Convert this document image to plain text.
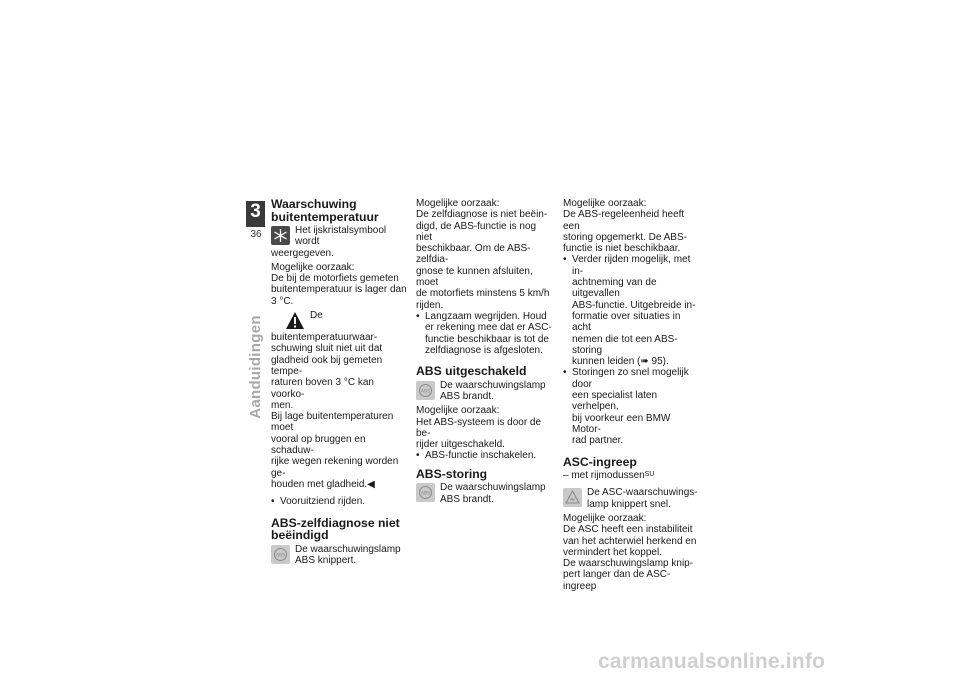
3
36
Aanduidingen
Waarschuwing
buitentemperatuur

Het ijskristalsymbool wordt

weergegeven.

Mogelijke oorzaak:

De bij de motorfiets gemeten

buitentemperatuur is lager dan

3 °C.

De buitentemperatuurwaar-

schuwing sluit niet uit dat

gladheid ook bij gemeten tempe-

raturen boven 3 °C kan voorko-

men.

Bij lage buitentemperaturen moet

vooral op bruggen en schaduw-

rijke wegen rekening worden ge-

houden met gladheid.◀

• Vooruitziend rijden.

ABS-zelfdiagnose niet
beëindigd
ABS

De waarschuwingslamp

ABS knippert.

Mogelijke oorzaak:

De zelfdiagnose is niet beëin-

digd, de ABS-functie is nog niet

beschikbaar. Om de ABS-zelfdia-

gnose te kunnen afsluiten, moet

de motorfiets minstens 5 km/h

rijden.

• Langzaam wegrijden. Houd

er rekening mee dat er ASC-

functie beschikbaar is tot de

zelfdiagnose is afgesloten.

ABS uitgeschakeld
ABS

De waarschuwingslamp

ABS brandt.

Mogelijke oorzaak:

Het ABS-systeem is door de be-

rijder uitgeschakeld.

• ABS-functie inschakelen.

ABS-storing
ABS

De waarschuwingslamp

ABS brandt.

Mogelijke oorzaak:

De ABS-regeleenheid heeft een

storing opgemerkt. De ABS-

functie is niet beschikbaar.

• Verder rijden mogelijk, met in-

achtneming van de uitgevallen

ABS-functie. Uitgebreide in-

formatie over situaties in acht

nemen die tot een ABS-storing

kunnen leiden (➠ 95).

• Storingen zo snel mogelijk door

een specialist laten verhelpen,

bij voorkeur een BMW Motor-

rad partner.

ASC-ingreep

– met rijmodussen$^{SU}$

De ASC-waarschuwings-

lamp knippert snel.

Mogelijke oorzaak:

De ASC heeft een instabiliteit

van het achterwiel herkend en

vermindert het koppel.

De waarschuwingslamp knip-

pert langer dan de ASC-ingreep

carmanualsonline.info
